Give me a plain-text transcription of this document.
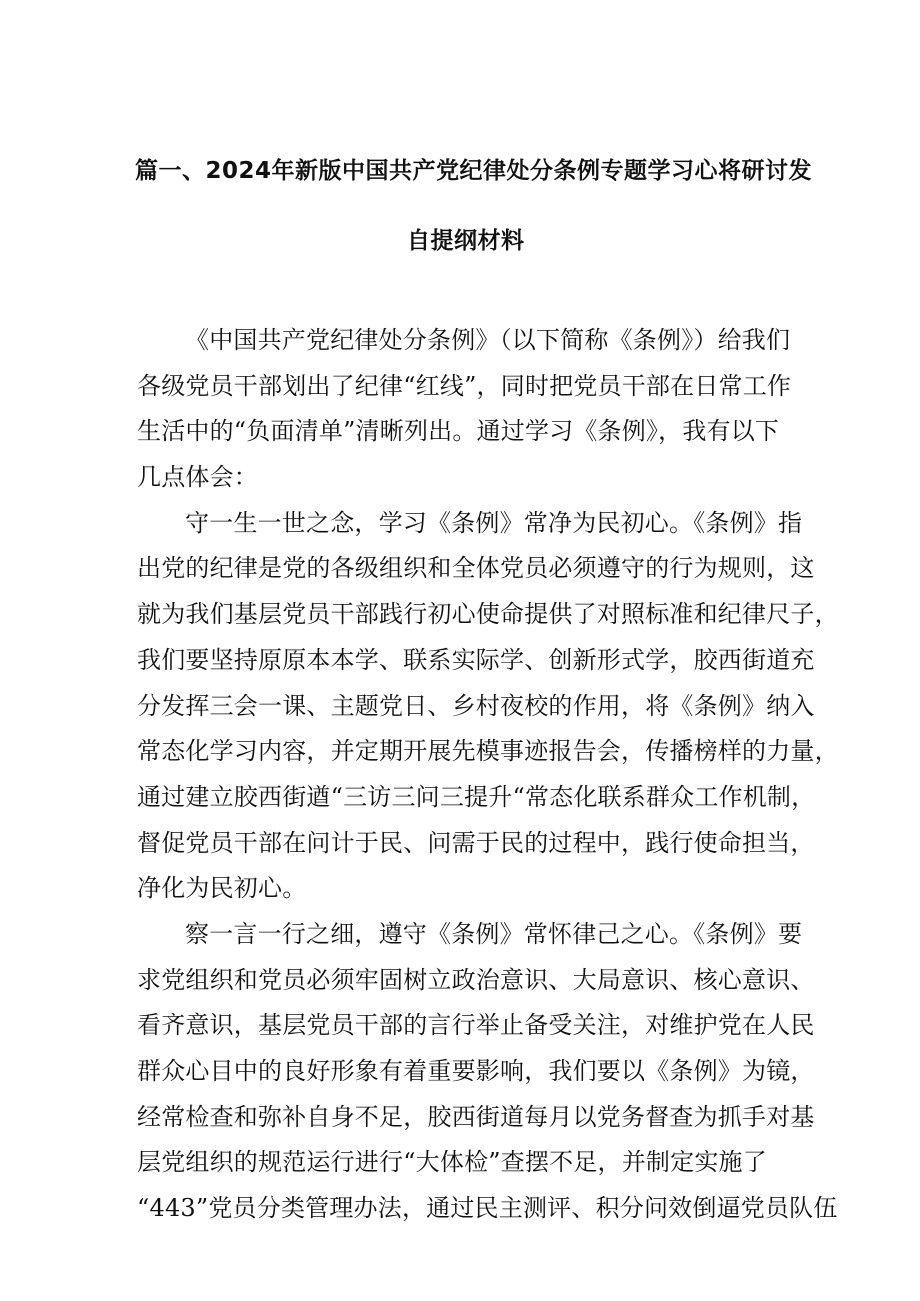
篇一、2024年新版中国共产党纪律处分条例专题学习心将研讨发
自提纲材料
《中国共产党纪律处分条例》（以下简称《条例》）给我们
各级党员干部划出了纪律“红线”，同时把党员干部在日常工作
生活中的“负面清单”清晰列出。通过学习《条例》，我有以下
几点体会：
守一生一世之念，学习《条例》常净为民初心。《条例》指
出党的纪律是党的各级组织和全体党员必须遵守的行为规则，这
就为我们基层党员干部践行初心使命提供了对照标准和纪律尺子，
我们要坚持原原本本学、联系实际学、创新形式学，胶西街道充
分发挥三会一课、主题党日、乡村夜校的作用，将《条例》纳入
常态化学习内容，并定期开展先模事迹报告会，传播榜样的力量，
通过建立胶西街遒“三访三问三提升“常态化联系群众工作机制，
督促党员干部在问计于民、问需于民的过程中，践行使命担当，
净化为民初心。
察一言一行之细，遵守《条例》常怀律己之心。《条例》要
求党组织和党员必须牢固树立政治意识、大局意识、核心意识、
看齐意识，基层党员干部的言行举止备受关注，对维护党在人民
群众心目中的良好形象有着重要影响，我们要以《条例》为镜，
经常检查和弥补自身不足，胶西街道每月以党务督查为抓手对基
层党组织的规范运行进行“大体检”查摆不足，并制定实施了
“443”党员分类管理办法，通过民主测评、积分问效倒逼党员队伍
